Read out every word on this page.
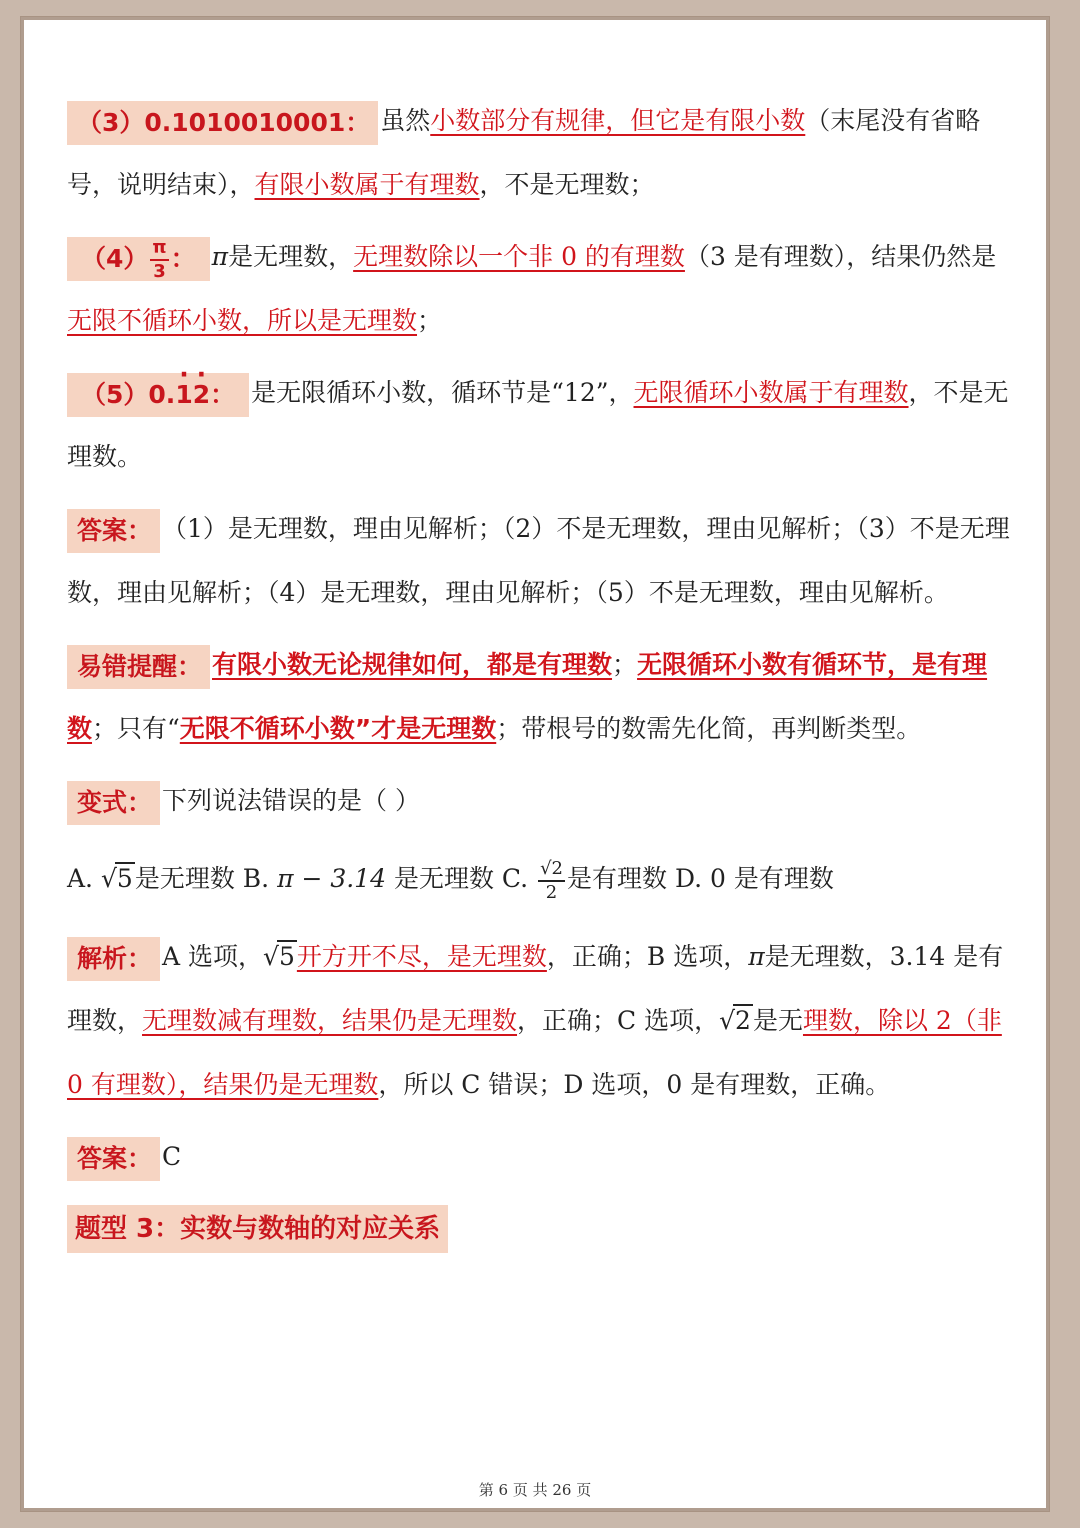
（3）0.1010010001： 虽然小数部分有规律，但它是有限小数（末尾没有省略号，说明结束），有限小数属于有理数，不是无理数；

$(4) \frac{\pi}{3}$ ： π是无理数，无理数除以一个非 0 的有理数（3 是有理数），结果仍然是无限不循环小数，所以是无理数；

（5）0.· 1· 2： 是无限循环小数，循环节是“12”，无限循环小数属于有理数，不是无理数。

答案： （1）是无理数，理由见解析；（2）不是无理数，理由见解析；（3）不是无理数，理由见解析；（4）是无理数，理由见解析；（5）不是无理数，理由见解析。

易错提醒： 有限小数无论规律如何，都是有理数；无限循环小数有循环节，是有理数；只有“无限不循环小数”才是无理数；带根号的数需先化简，再判断类型。

变式： 下列说法错误的是（ ）

A. √5是无理数 B. π − 3.14 是无理数 C. $\frac{√2}{2}$ 是有理数 D. 0 是有理数

解析： A 选项，√5开方开不尽，是无理数，正确；B 选项，π是无理数，3.14 是有理数，无理数减有理数，结果仍是无理数，正确；C 选项，√2是无理数，除以 2（非 0 有理数），结果仍是无理数，所以 C 错误；D 选项，0 是有理数，正确。

答案： C

题型 3：实数与数轴的对应关系

第 6 页 共 26 页
